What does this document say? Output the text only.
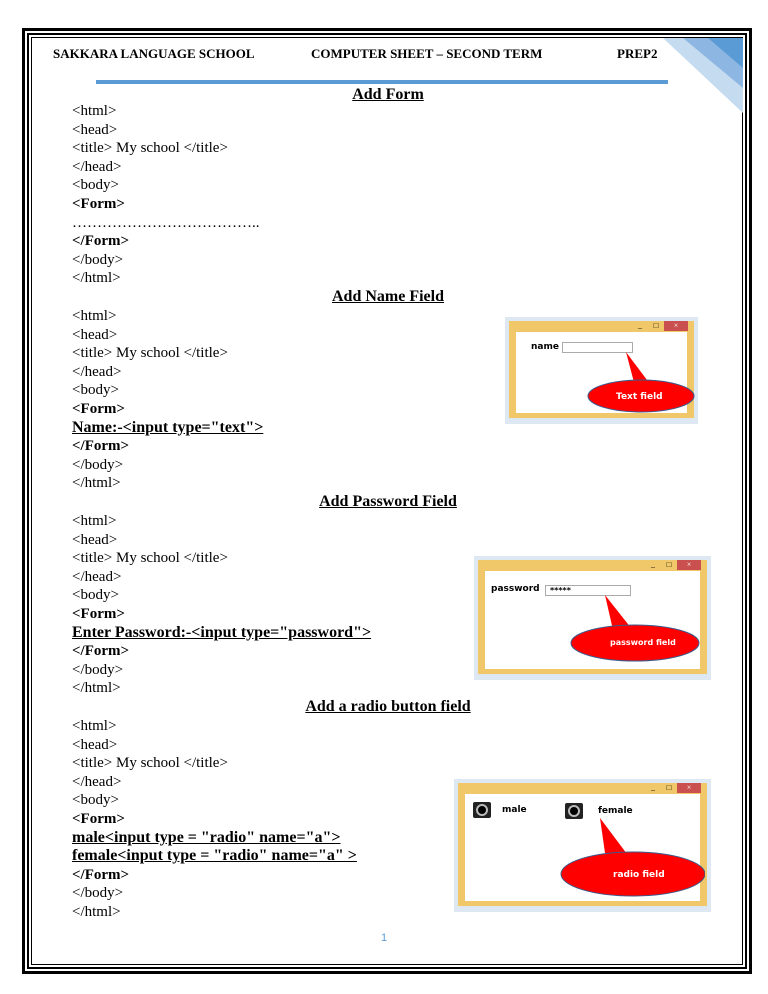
SAKKARA LANGUAGE SCHOOL	COMPUTER SHEET – SECOND TERM	PREP2
Add Form
<html>
<head>
<title> My school </title>
</head>
<body>
<Form>
………………………………..
</Form>
</body>
</html>
Add Name Field
<html>
<head>
<title> My school </title>
</head>
<body>
<Form>
Name:-<input type="text">
</Form>
</body>
</html>
Add Password Field
<html>
<head>
<title> My school </title>
</head>
<body>
<Form>
Enter Password:-<input type="password">
</Form>
</body>
</html>
Add a radio button field
<html>
<head>
<title> My school </title>
</head>
<body>
<Form>
male<input type = "radio" name="a">
female<input type = "radio" name="a" >
</Form>
</body>
</html>
_	□	×
name
Text field
_	□	×
password	*****
password field
_	□	×
male	female
radio field
1
